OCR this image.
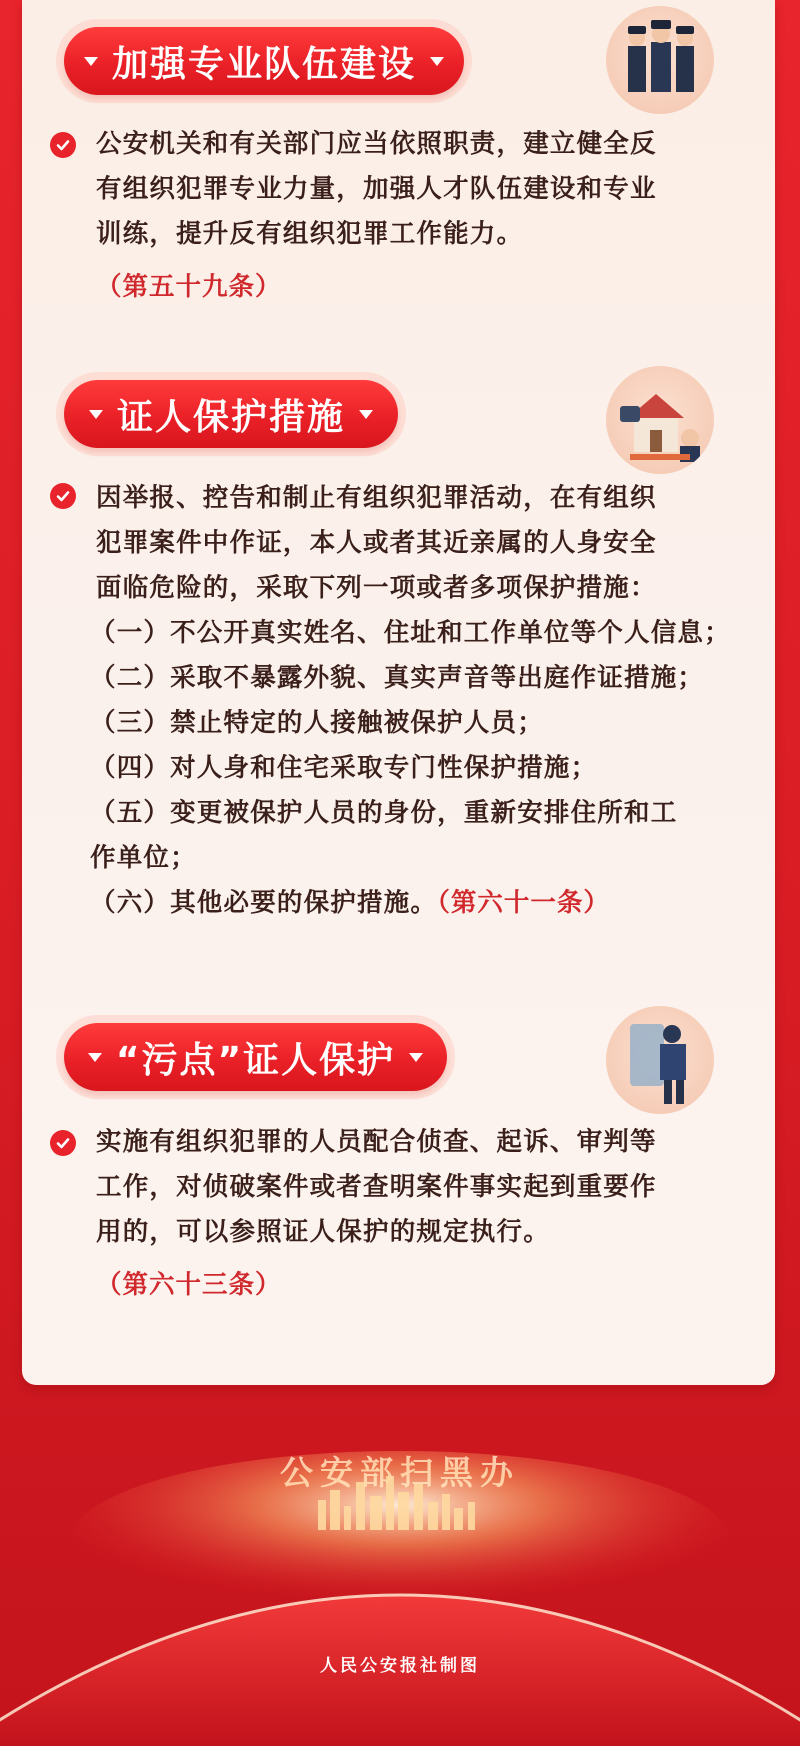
加强专业队伍建设
公安机关和有关部门应当依照职责，建立健全反
有组织犯罪专业力量，加强人才队伍建设和专业
训练，提升反有组织犯罪工作能力。
（第五十九条）
证人保护措施
因举报、控告和制止有组织犯罪活动，在有组织
犯罪案件中作证，本人或者其近亲属的人身安全
面临危险的，采取下列一项或者多项保护措施：
（一）不公开真实姓名、住址和工作单位等个人信息；
（二）采取不暴露外貌、真实声音等出庭作证措施；
（三）禁止特定的人接触被保护人员；
（四）对人身和住宅采取专门性保护措施；
（五）变更被保护人员的身份，重新安排住所和工
作单位；
（六）其他必要的保护措施。（第六十一条）
“污点”证人保护
实施有组织犯罪的人员配合侦查、起诉、审判等
工作，对侦破案件或者查明案件事实起到重要作
用的，可以参照证人保护的规定执行。
（第六十三条）
人民公安报社制图
